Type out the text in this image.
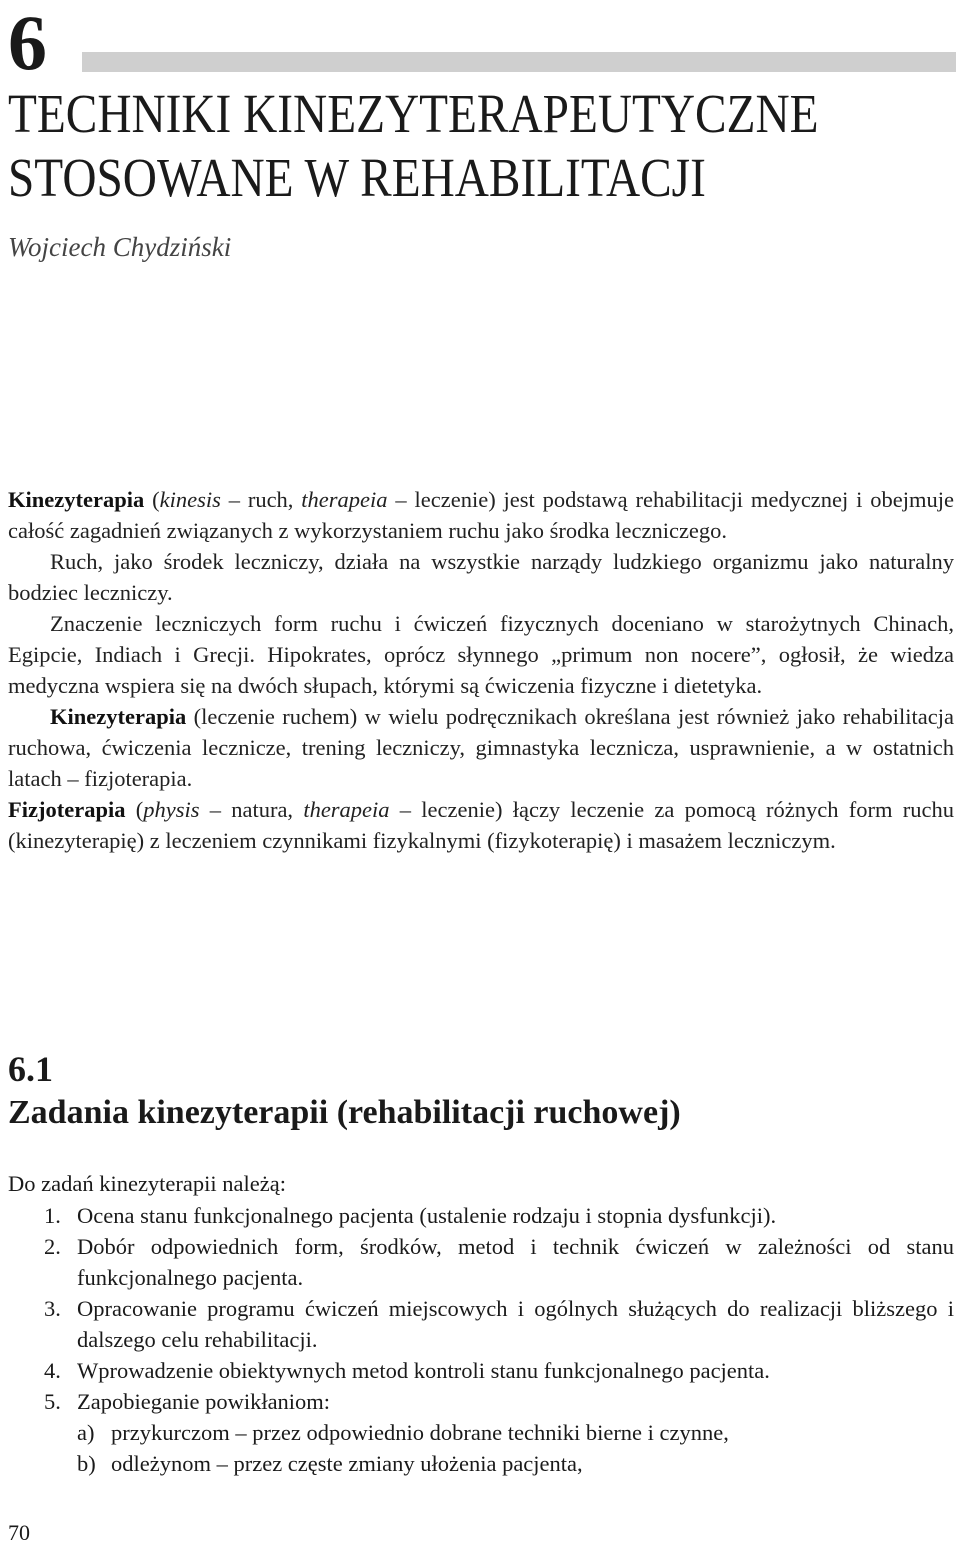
6
TECHNIKI KINEZYTERAPEUTYCZNE
STOSOWANE W REHABILITACJI
Wojciech Chydziński

Kinezyterapia (kinesis – ruch, therapeia – leczenie) jest podstawą rehabilitacji medycznej i obejmuje całość zagadnień związanych z wykorzystaniem ruchu jako środka leczniczego.

Ruch, jako środek leczniczy, działa na wszystkie narządy ludzkiego organizmu jako naturalny bodziec leczniczy.

Znaczenie leczniczych form ruchu i ćwiczeń fizycznych doceniano w starożytnych Chinach, Egipcie, Indiach i Grecji. Hipokrates, oprócz słynnego „primum non nocere”, ogłosił, że wiedza medyczna wspiera się na dwóch słupach, którymi są ćwiczenia fizyczne i dietetyka.

Kinezyterapia (leczenie ruchem) w wielu podręcznikach określana jest również jako rehabilitacja ruchowa, ćwiczenia lecznicze, trening leczniczy, gimnastyka lecznicza, usprawnienie, a w ostatnich latach – fizjoterapia.

Fizjoterapia (physis – natura, therapeia – leczenie) łączy leczenie za pomocą różnych form ruchu (kinezyterapię) z leczeniem czynnikami fizykalnymi (fizykoterapię) i masażem leczniczym.

6.1
Zadania kinezyterapii (rehabilitacji ruchowej)
Do zadań kinezyterapii należą:
1. Ocena stanu funkcjonalnego pacjenta (ustalenie rodzaju i stopnia dysfunkcji).
2. Dobór odpowiednich form, środków, metod i technik ćwiczeń w zależności od stanu funkcjonalnego pacjenta.
3. Opracowanie programu ćwiczeń miejscowych i ogólnych służących do realizacji bliższego i dalszego celu rehabilitacji.
4. Wprowadzenie obiektywnych metod kontroli stanu funkcjonalnego pacjenta.
5. Zapobieganie powikłaniom:
a) przykurczom – przez odpowiednio dobrane techniki bierne i czynne,
b) odleżynom – przez częste zmiany ułożenia pacjenta,
70
